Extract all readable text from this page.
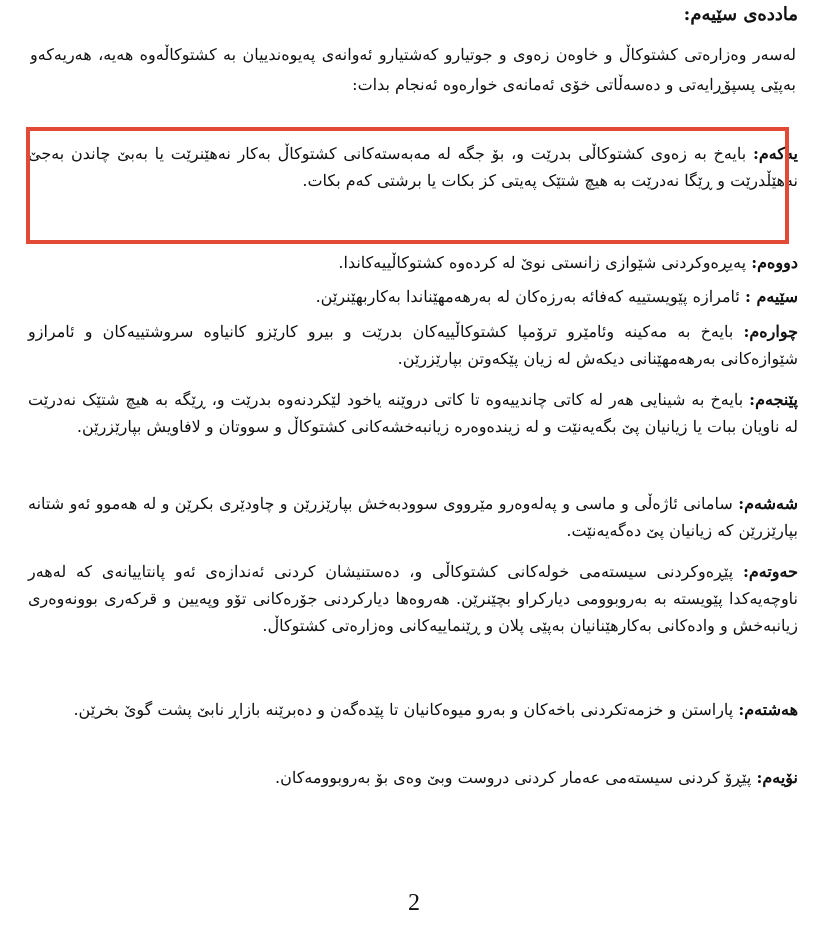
ماددەی سێیەم:
لەسەر وەزارەتی کشتوکاڵ و خاوەن زەوی و جوتیارو کەشتیارو ئەوانەی پەیوەندییان بە کشتوکاڵەوە هەیە، هەریەکەو بەپێی پسپۆڕایەتی و دەسەڵاتی خۆی ئەمانەی خوارەوە ئەنجام بدات:
یەکەم: بایەخ بە زەوی کشتوکاڵی بدرێت و، بۆ جگە لە مەبەستەکانی کشتوکاڵ بەکار نەهێنرێت یا بەبێ چاندن بەجێ نەهێڵدرێت و ڕێگا نەدرێت بە هیچ شتێک پەیتی کز بکات یا برشتی کەم بکات.
دووەم: پەیڕەوکردنی شێوازی زانستی نوێ لە کردەوە کشتوکاڵییەکاندا.
سێیەم : ئامرازە پێویستییە کەفائە بەرزەکان لە بەرهەمهێناندا بەکاربهێنرێن.
چوارەم: بایەخ بە مەکینە وئامێرو ترۆمپا کشتوکاڵییەکان بدرێت و بیرو کارێزو کانیاوە سروشتییەکان و ئامرازو شێوازەکانی بەرهەمهێنانی دیکەش لە زیان پێکەوتن بپارێزرێن.
پێنجەم: بایەخ بە شینایی هەر لە کاتی چاندییەوە تا کاتی دروێنە یاخود لێکردنەوە بدرێت و، ڕێگە بە هیچ شتێک نەدرێت لە ناویان ببات یا زیانیان پێ بگەیەنێت و لە زیندەوەرە زیانبەخشەکانی کشتوکاڵ و سووتان و لافاویش بپارێزرێن.
شەشەم: سامانی ئاژەڵی و ماسی و پەلەوەرو مێرووی سوودبەخش بپارێزرێن و چاودێری بکرێن و لە هەموو ئەو شتانە بپارێزرێن کە زیانیان پێ دەگەیەنێت.
حەوتەم: پێڕەوکردنی سیستەمی خولەکانی کشتوکاڵی و، دەستنیشان کردنی ئەندازەی ئەو پانتاییانەی کە لەهەر ناوچەیەکدا پێویستە بە بەروبوومی دیارکراو بچێنرێن. هەروەها دیارکردنی جۆرەکانی تۆو وپەیین و قرکەری بوونەوەری زیانبەخش و وادەکانی بەکارهێنانیان بەپێی پلان و ڕێنماییەکانی وەزارەتی کشتوکاڵ.
هەشتەم: پاراستن و خزمەتکردنی باخەکان و بەرو میوەکانیان تا پێدەگەن و دەبرێنە بازاڕ نابێ پشت گوێ بخرێن.
نۆیەم: پێڕۆ کردنی سیستەمی عەمار کردنی دروست وبێ وەی بۆ بەروبوومەکان.
2
